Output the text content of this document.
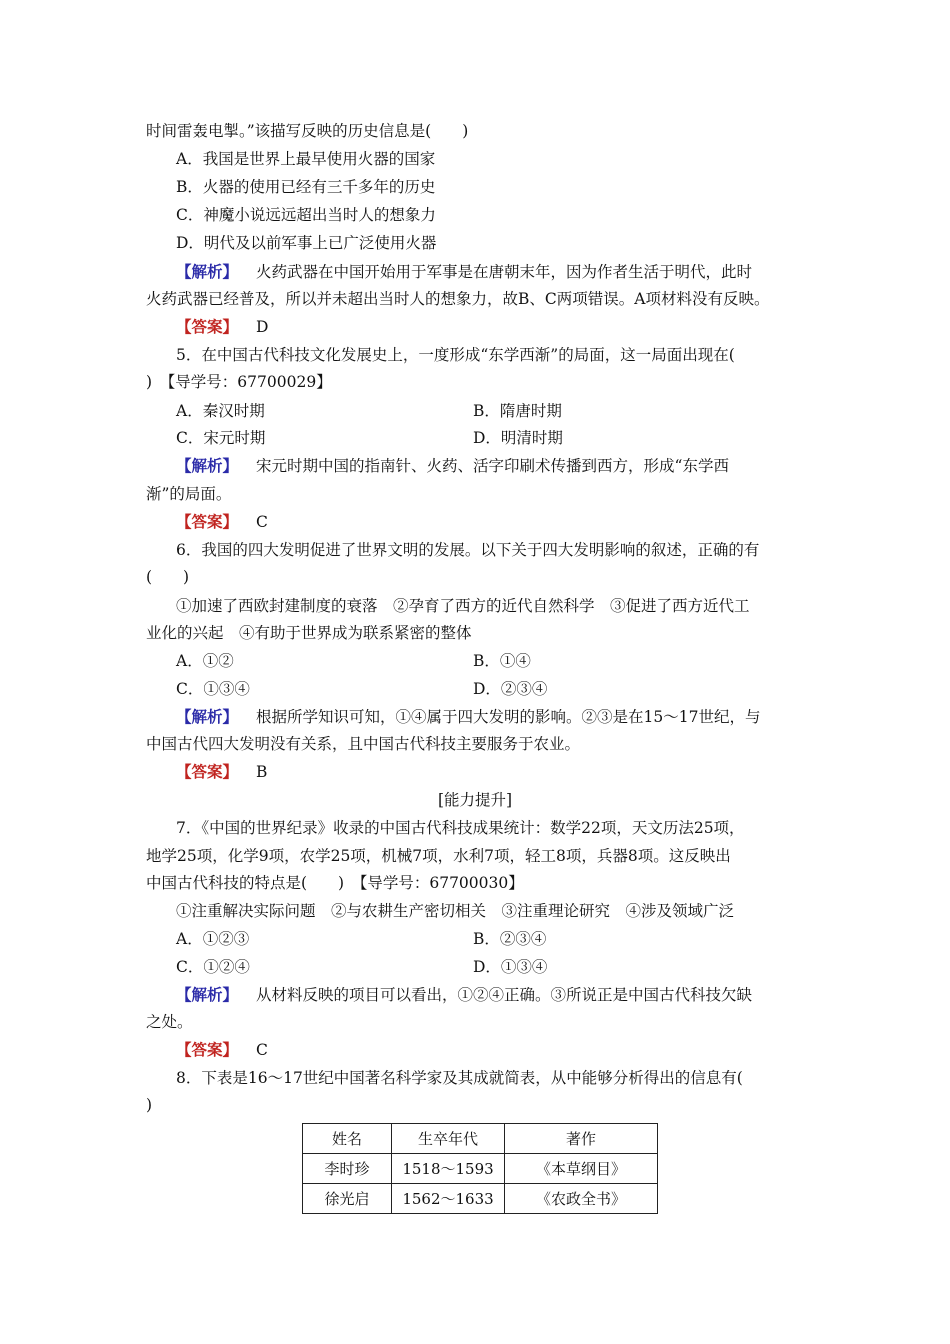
时间雷轰电掣。”该描写反映的历史信息是(　　)
A．我国是世界上最早使用火器的国家
B．火器的使用已经有三千多年的历史
C．神魔小说远远超出当时人的想象力
D．明代及以前军事上已广泛使用火器
【解析】 火药武器在中国开始用于军事是在唐朝末年，因为作者生活于明代，此时
火药武器已经普及，所以并未超出当时人的想象力，故B、C两项错误。A项材料没有反映。
【答案】 D
5．在中国古代科技文化发展史上，一度形成“东学西渐”的局面，这一局面出现在(
)　【导学号：67700029】
A．秦汉时期	B．隋唐时期
C．宋元时期	D．明清时期
【解析】 宋元时期中国的指南针、火药、活字印刷术传播到西方，形成“东学西
渐”的局面。
【答案】 C
6．我国的四大发明促进了世界文明的发展。以下关于四大发明影响的叙述，正确的有
(　　)
①加速了西欧封建制度的衰落　②孕育了西方的近代自然科学　③促进了西方近代工
业化的兴起　④有助于世界成为联系紧密的整体
A．①②	B．①④
C．①③④	D．②③④
【解析】 根据所学知识可知，①④属于四大发明的影响。②③是在15～17世纪，与
中国古代四大发明没有关系，且中国古代科技主要服务于农业。
【答案】 B
[能力提升]
7．《中国的世界纪录》收录的中国古代科技成果统计：数学22项，天文历法25项，
地学25项，化学9项，农学25项，机械7项，水利7项，轻工8项，兵器8项。这反映出
中国古代科技的特点是(　　)　【导学号：67700030】
①注重解决实际问题　②与农耕生产密切相关　③注重理论研究　④涉及领域广泛
A．①②③	B．②③④
C．①②④	D．①③④
【解析】 从材料反映的项目可以看出，①②④正确。③所说正是中国古代科技欠缺
之处。
【答案】 C
8．下表是16～17世纪中国著名科学家及其成就简表，从中能够分析得出的信息有(
)
姓名	生卒年代	著作
李时珍	1518～1593	《本草纲目》
徐光启	1562～1633	《农政全书》
